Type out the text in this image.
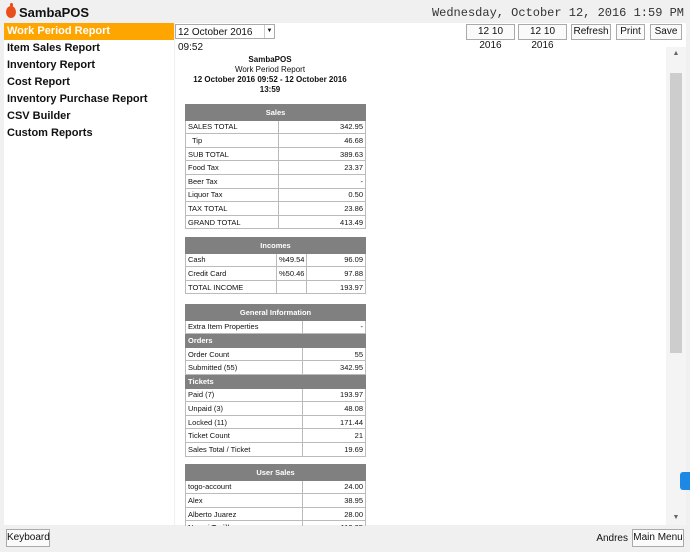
SambaPOS	Wednesday, October 12, 2016 1:59 PM
Work Period Report
Item Sales Report
Inventory Report
Cost Report
Inventory Purchase Report
CSV Builder
Custom Reports
12 October 2016 09:52
▼	12 10 2016
12 10 2016
Refresh	Print	Save
SambaPOS
Work Period Report
12 October 2016 09:52 - 12 October 2016 13:59
Sales	
SALES TOTAL	342.95
Tip	46.68
SUB TOTAL	389.63
Food Tax	23.37
Beer Tax	-
Liquor Tax	0.50
TAX TOTAL	23.86
GRAND TOTAL	413.49
Incomes		
Cash	%49.54	96.09
Credit Card	%50.46	97.88
TOTAL INCOME		193.97
General Information	
Extra Item Properties	-
Orders	
Order Count	55
Submitted (55)	342.95
Tickets	
Paid (7)	193.97
Unpaid (3)	48.08
Locked (11)	171.44
Ticket Count	21
Sales Total / Ticket	19.69
User Sales	
togo-account	24.00
Alex	38.95
Alberto Juarez	28.00

▲
▼
Keyboard	Andres Main Menu
